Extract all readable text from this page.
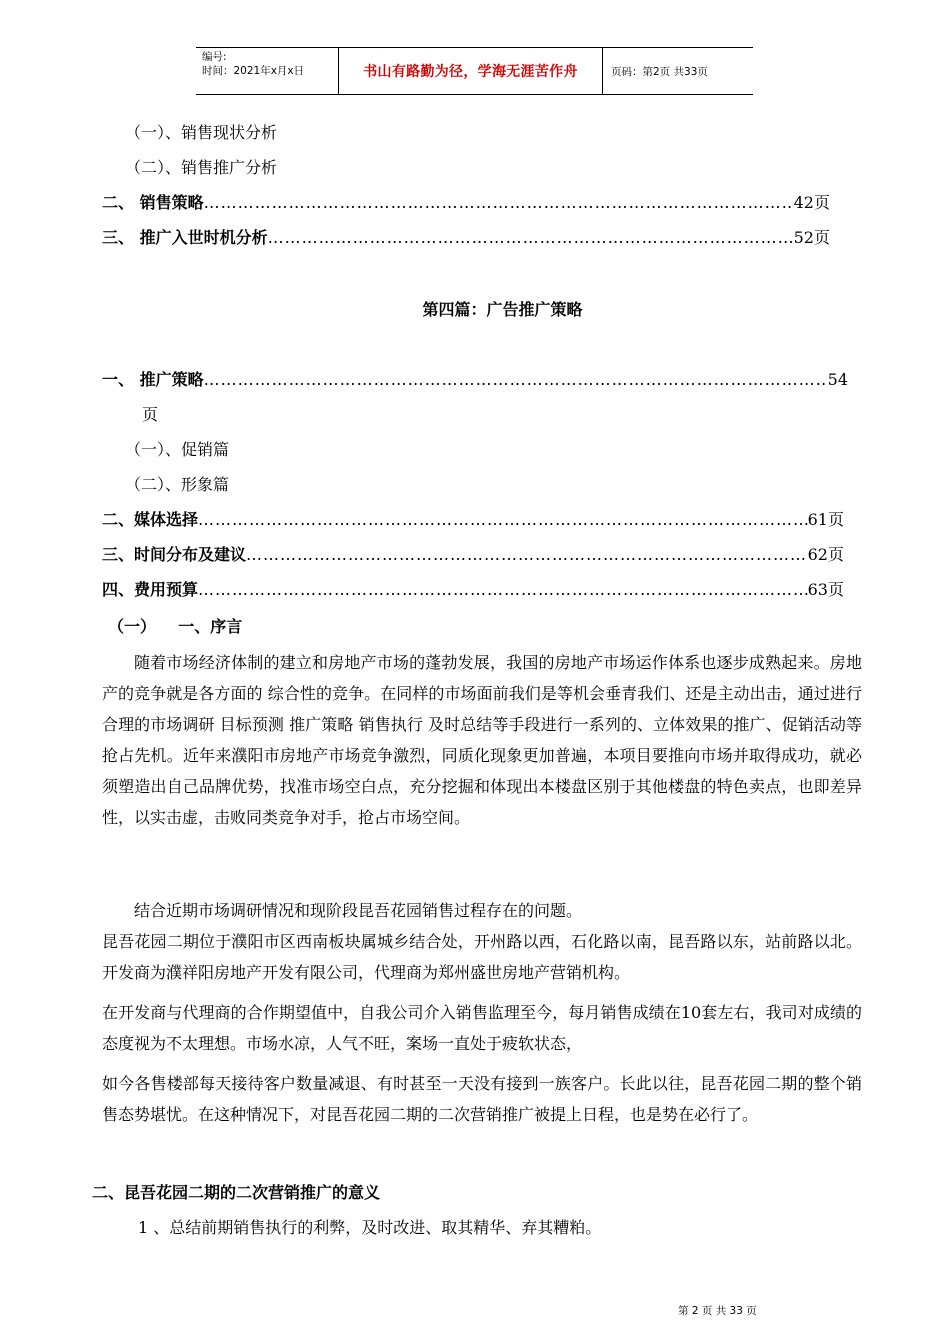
编号:
时间：2021年x月x日	书山有路勤为径，学海无涯苦作舟	页码：第2页 共33页
（一）、销售现状分析
（二）、销售推广分析
二、 销售策略 ……………………………………………………………………………………………………………………………………………………………………	42页
三、 推广入世时机分析 ……………………………………………………………………………………………………………………………………………………………………	52页
第四篇：广告推广策略
一、 推广策略 ……………………………………………………………………………………………………………………………………………………………………	54
页
（一）、促销篇
（二）、形象篇
二、媒体选择 ……………………………………………………………………………………………………………………………………………………………………	61页
三、时间分布及建议 ……………………………………………………………………………………………………………………………………………………………………	62页
四、费用预算 ……………………………………………………………………………………………………………………………………………………………………	63页
（一）    一、序言
随着市场经济体制的建立和房地产市场的蓬勃发展，我国的房地产市场运作体系也逐步成熟起来。房地产的竞争就是各方面的 综合性的竞争。在同样的市场面前我们是等机会垂青我们、还是主动出击，通过进行合理的市场调研 目标预测 推广策略 销售执行 及时总结等手段进行一系列的、立体效果的推广、促销活动等抢占先机。近年来濮阳市房地产市场竞争激烈，同质化现象更加普遍，本项目要推向市场并取得成功，就必须塑造出自己品牌优势，找准市场空白点，充分挖掘和体现出本楼盘区别于其他楼盘的特色卖点，也即差异性，以实击虚，击败同类竞争对手，抢占市场空间。
结合近期市场调研情况和现阶段昆吾花园销售过程存在的问题。
昆吾花园二期位于濮阳市区西南板块属城乡结合处，开州路以西，石化路以南，昆吾路以东，站前路以北。开发商为濮祥阳房地产开发有限公司，代理商为郑州盛世房地产营销机构。
在开发商与代理商的合作期望值中，自我公司介入销售监理至今，每月销售成绩在10套左右，我司对成绩的态度视为不太理想。市场水凉，人气不旺，案场一直处于疲软状态，
如今各售楼部每天接待客户数量减退、有时甚至一天没有接到一族客户。长此以往，昆吾花园二期的整个销售态势堪忧。在这种情况下，对昆吾花园二期的二次营销推广被提上日程，也是势在必行了。
二、昆吾花园二期的二次营销推广的意义
1 、总结前期销售执行的利弊，及时改进、取其精华、弃其糟粕。
第 2 页 共 33 页
